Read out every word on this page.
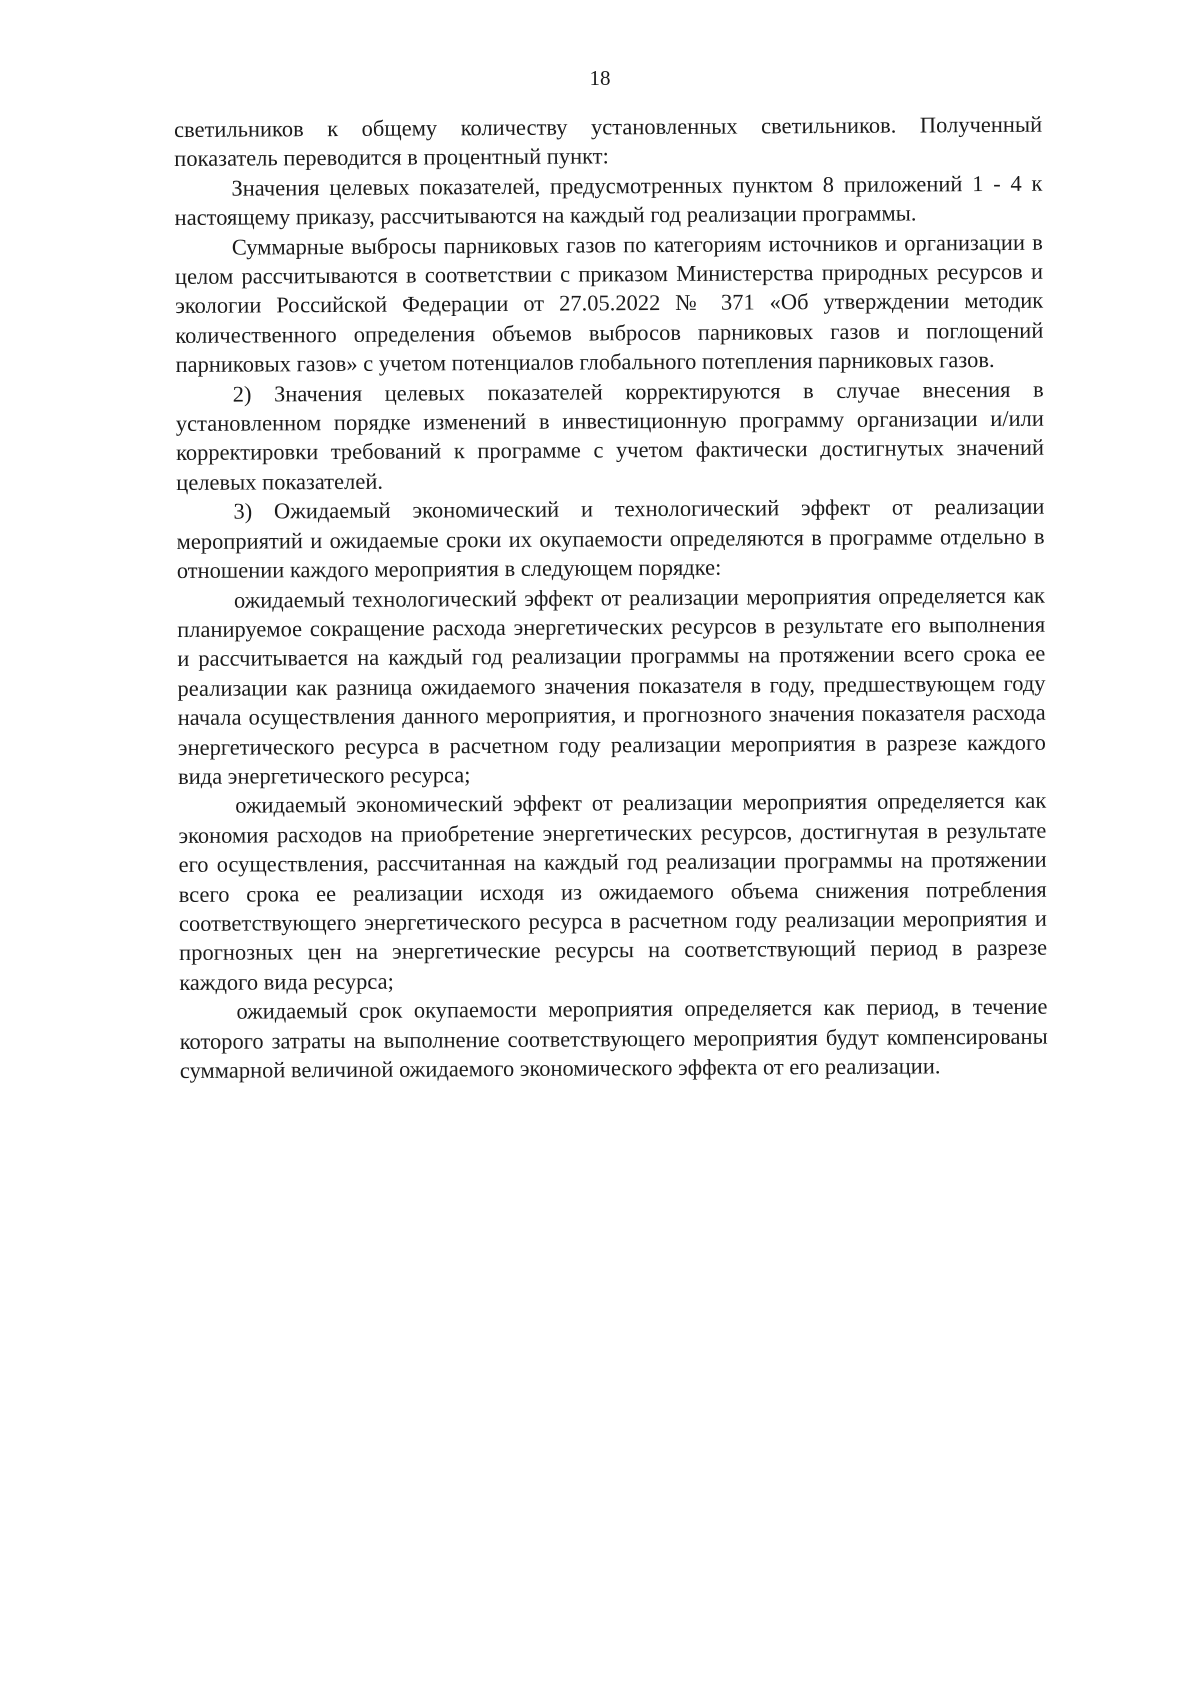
18

светильников к общему количеству установленных светильников. Полученный показатель переводится в процентный пункт:

Значения целевых показателей, предусмотренных пунктом 8 приложений 1 - 4 к настоящему приказу, рассчитываются на каждый год реализации программы.

Суммарные выбросы парниковых газов по категориям источников и организации в целом рассчитываются в соответствии с приказом Министерства природных ресурсов и экологии Российской Федерации от 27.05.2022 № 371 «Об утверждении методик количественного определения объемов выбросов парниковых газов и поглощений парниковых газов» с учетом потенциалов глобального потепления парниковых газов.

2) Значения целевых показателей корректируются в случае внесения в установленном порядке изменений в инвестиционную программу организации и/или корректировки требований к программе с учетом фактически достигнутых значений целевых показателей.

3) Ожидаемый экономический и технологический эффект от реализации мероприятий и ожидаемые сроки их окупаемости определяются в программе отдельно в отношении каждого мероприятия в следующем порядке:

ожидаемый технологический эффект от реализации мероприятия определяется как планируемое сокращение расхода энергетических ресурсов в результате его выполнения и рассчитывается на каждый год реализации программы на протяжении всего срока ее реализации как разница ожидаемого значения показателя в году, предшествующем году начала осуществления данного мероприятия, и прогнозного значения показателя расхода энергетического ресурса в расчетном году реализации мероприятия в разрезе каждого вида энергетического ресурса;

ожидаемый экономический эффект от реализации мероприятия определяется как экономия расходов на приобретение энергетических ресурсов, достигнутая в результате его осуществления, рассчитанная на каждый год реализации программы на протяжении всего срока ее реализации исходя из ожидаемого объема снижения потребления соответствующего энергетического ресурса в расчетном году реализации мероприятия и прогнозных цен на энергетические ресурсы на соответствующий период в разрезе каждого вида ресурса;

ожидаемый срок окупаемости мероприятия определяется как период, в течение которого затраты на выполнение соответствующего мероприятия будут компенсированы суммарной величиной ожидаемого экономического эффекта от его реализации.
